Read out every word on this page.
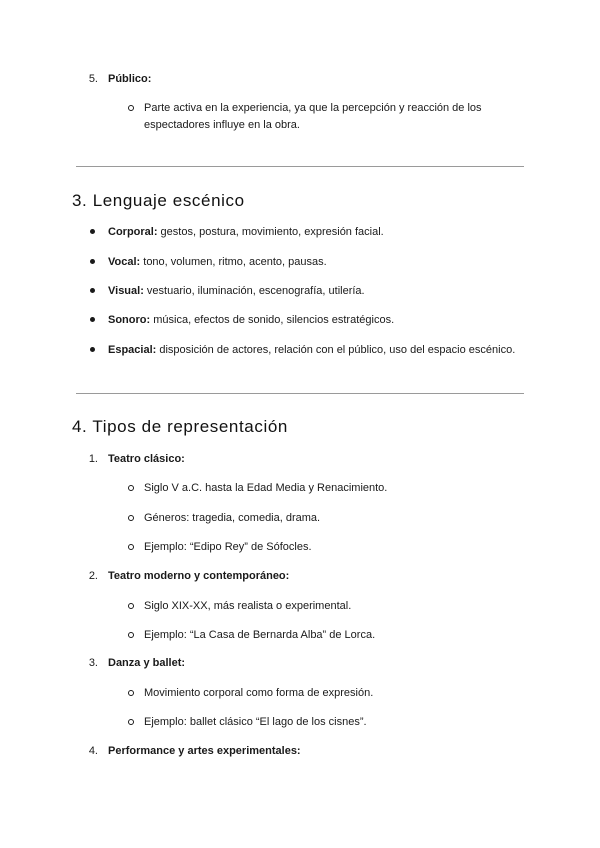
5. Público:
Parte activa en la experiencia, ya que la percepción y reacción de los
espectadores influye en la obra.
3. Lenguaje escénico
Corporal: gestos, postura, movimiento, expresión facial.
Vocal: tono, volumen, ritmo, acento, pausas.
Visual: vestuario, iluminación, escenografía, utilería.
Sonoro: música, efectos de sonido, silencios estratégicos.
Espacial: disposición de actores, relación con el público, uso del espacio escénico.
4. Tipos de representación
1. Teatro clásico:
Siglo V a.C. hasta la Edad Media y Renacimiento.
Géneros: tragedia, comedia, drama.
Ejemplo: “Edipo Rey” de Sófocles.
2. Teatro moderno y contemporáneo:
Siglo XIX-XX, más realista o experimental.
Ejemplo: “La Casa de Bernarda Alba” de Lorca.
3. Danza y ballet:
Movimiento corporal como forma de expresión.
Ejemplo: ballet clásico “El lago de los cisnes”.
4. Performance y artes experimentales:
